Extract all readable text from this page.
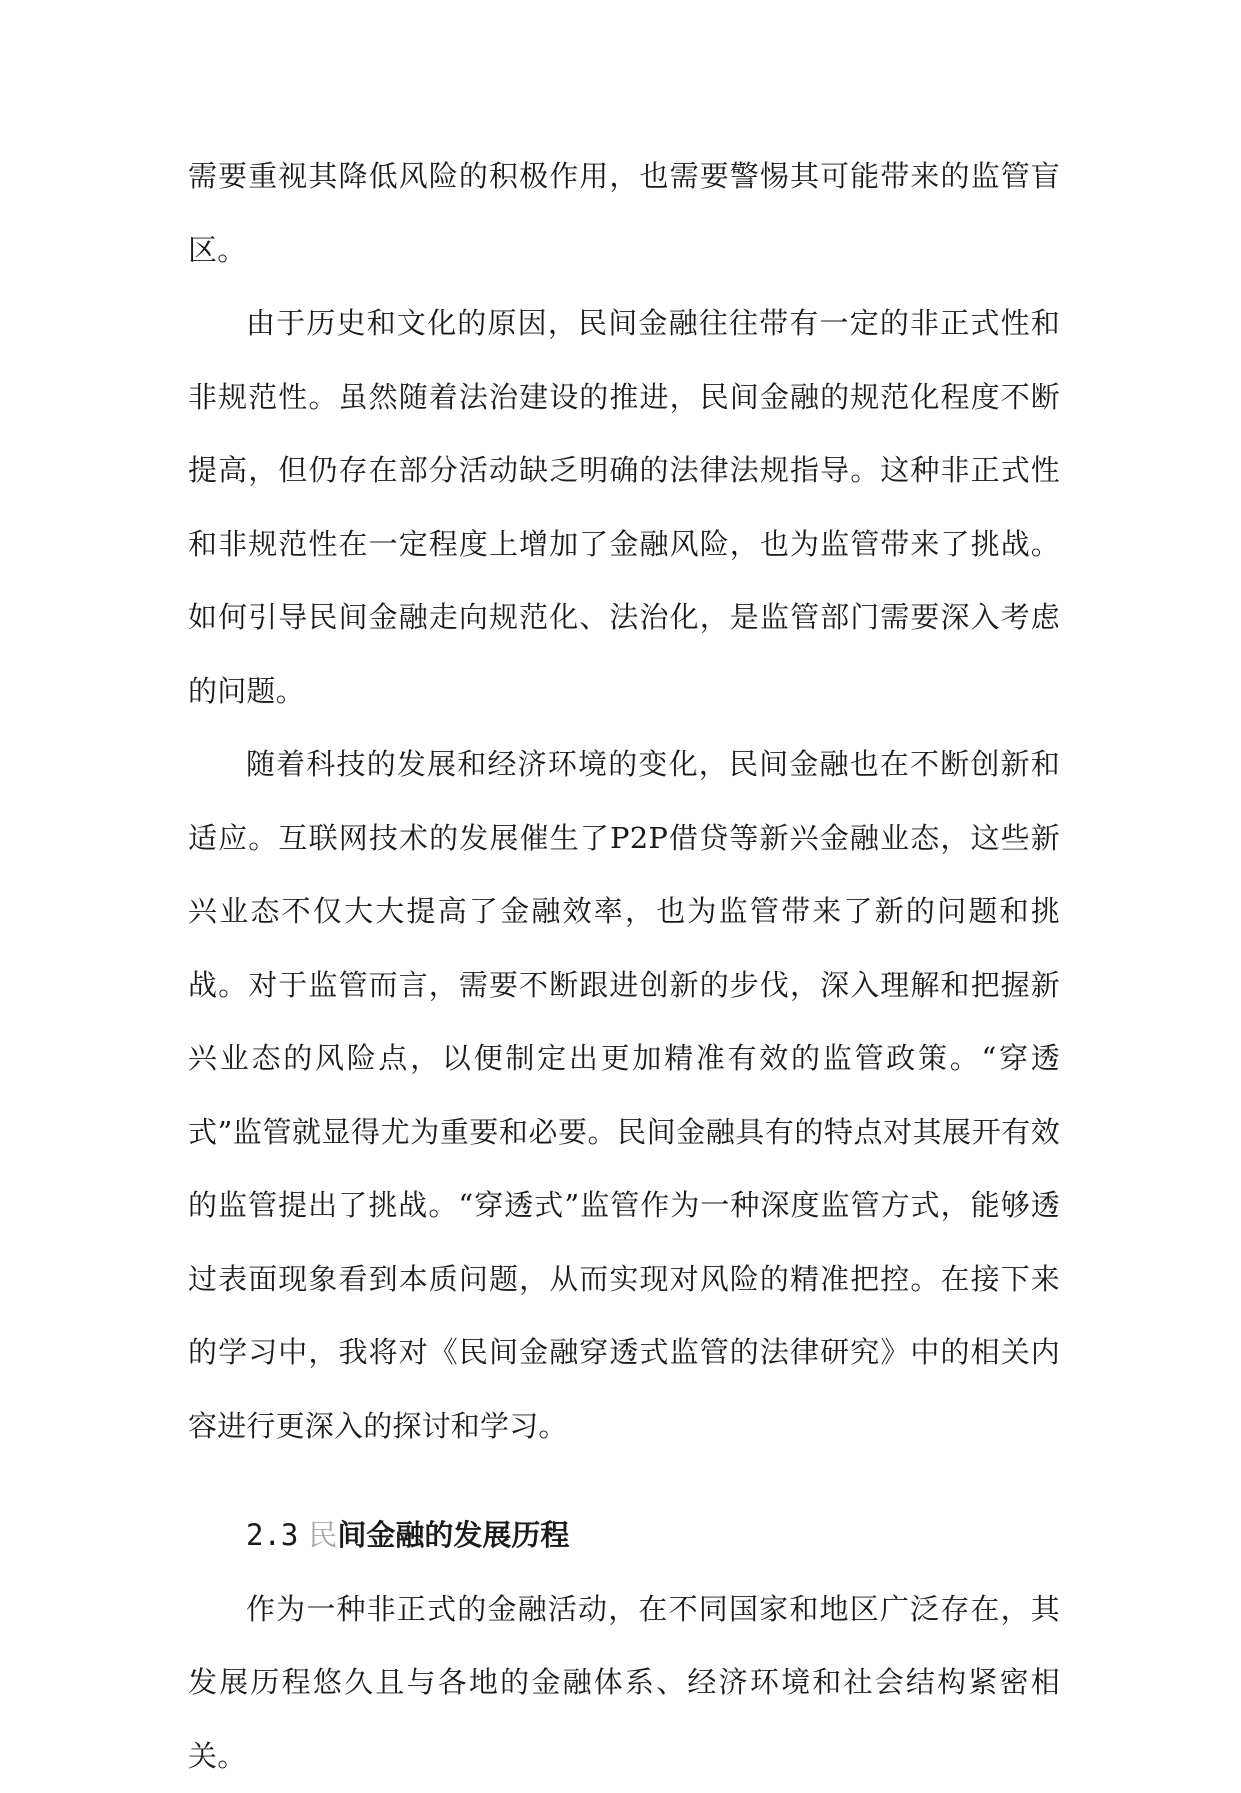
需要重视其降低风险的积极作用，也需要警惕其可能带来的监管盲区。

由于历史和文化的原因，民间金融往往带有一定的非正式性和非规范性。虽然随着法治建设的推进，民间金融的规范化程度不断提高，但仍存在部分活动缺乏明确的法律法规指导。这种非正式性和非规范性在一定程度上增加了金融风险，也为监管带来了挑战。如何引导民间金融走向规范化、法治化，是监管部门需要深入考虑的问题。

随着科技的发展和经济环境的变化，民间金融也在不断创新和适应。互联网技术的发展催生了P2P借贷等新兴金融业态，这些新兴业态不仅大大提高了金融效率，也为监管带来了新的问题和挑战。对于监管而言，需要不断跟进创新的步伐，深入理解和把握新兴业态的风险点，以便制定出更加精准有效的监管政策。“穿透式”监管就显得尤为重要和必要。民间金融具有的特点对其展开有效的监管提出了挑战。“穿透式”监管作为一种深度监管方式，能够透过表面现象看到本质问题，从而实现对风险的精准把控。在接下来的学习中，我将对《民间金融穿透式监管的法律研究》中的相关内容进行更深入的探讨和学习。

2.3 民间金融的发展历程

作为一种非正式的金融活动，在不同国家和地区广泛存在，其发展历程悠久且与各地的金融体系、经济环境和社会结构紧密相关。
